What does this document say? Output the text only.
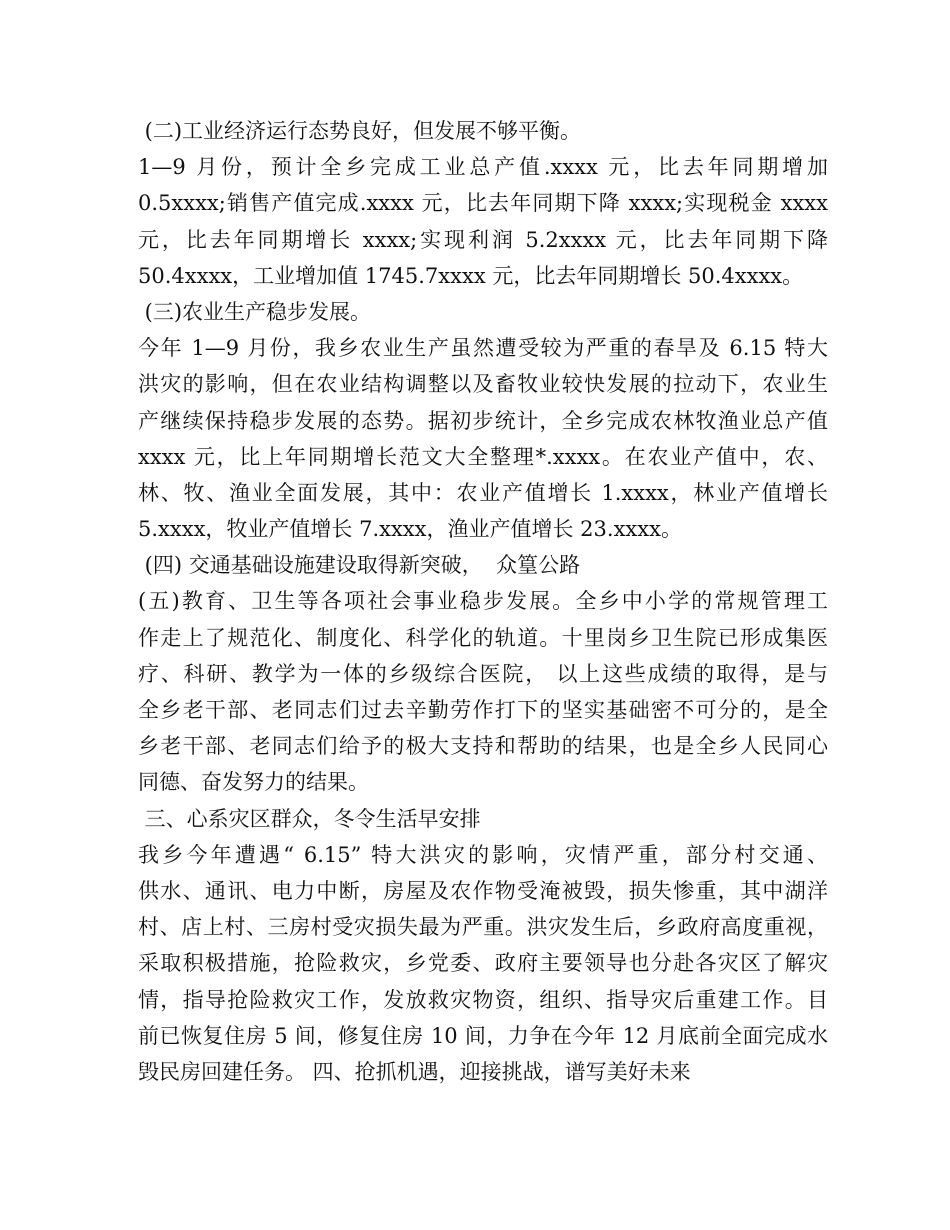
(二)工业经济运行态势良好，但发展不够平衡。
1—9 月份，预计全乡完成工业总产值.xxxx 元，比去年同期增加
0.5xxxx;销售产值完成.xxxx 元，比去年同期下降 xxxx;实现税金 xxxx
元，比去年同期增长 xxxx;实现利润 5.2xxxx 元，比去年同期下降
50.4xxxx，工业增加值 1745.7xxxx 元，比去年同期增长 50.4xxxx。
(三)农业生产稳步发展。
今年 1—9 月份，我乡农业生产虽然遭受较为严重的春旱及 6.15 特大
洪灾的影响，但在农业结构调整以及畜牧业较快发展的拉动下，农业生
产继续保持稳步发展的态势。据初步统计，全乡完成农林牧渔业总产值
xxxx 元，比上年同期增长范文大全整理*.xxxx。在农业产值中，农、
林、牧、渔业全面发展，其中：农业产值增长 1.xxxx，林业产值增长
5.xxxx，牧业产值增长 7.xxxx，渔业产值增长 23.xxxx。
(四) 交通基础设施建设取得新突破，  众篁公路
(五)教育、卫生等各项社会事业稳步发展。全乡中小学的常规管理工
作走上了规范化、制度化、科学化的轨道。十里岗乡卫生院已形成集医
疗、科研、教学为一体的乡级综合医院， 以上这些成绩的取得，是与
全乡老干部、老同志们过去辛勤劳作打下的坚实基础密不可分的，是全
乡老干部、老同志们给予的极大支持和帮助的结果，也是全乡人民同心
同德、奋发努力的结果。
三、心系灾区群众，冬令生活早安排
我乡今年遭遇“ 6.15” 特大洪灾的影响，灾情严重，部分村交通、
供水、通讯、电力中断，房屋及农作物受淹被毁，损失惨重，其中湖洋
村、店上村、三房村受灾损失最为严重。洪灾发生后，乡政府高度重视，
采取积极措施，抢险救灾，乡党委、政府主要领导也分赴各灾区了解灾
情，指导抢险救灾工作，发放救灾物资，组织、指导灾后重建工作。目
前已恢复住房 5 间，修复住房 10 间，力争在今年 12 月底前全面完成水
毁民房回建任务。 四、抢抓机遇，迎接挑战，谱写美好未来
